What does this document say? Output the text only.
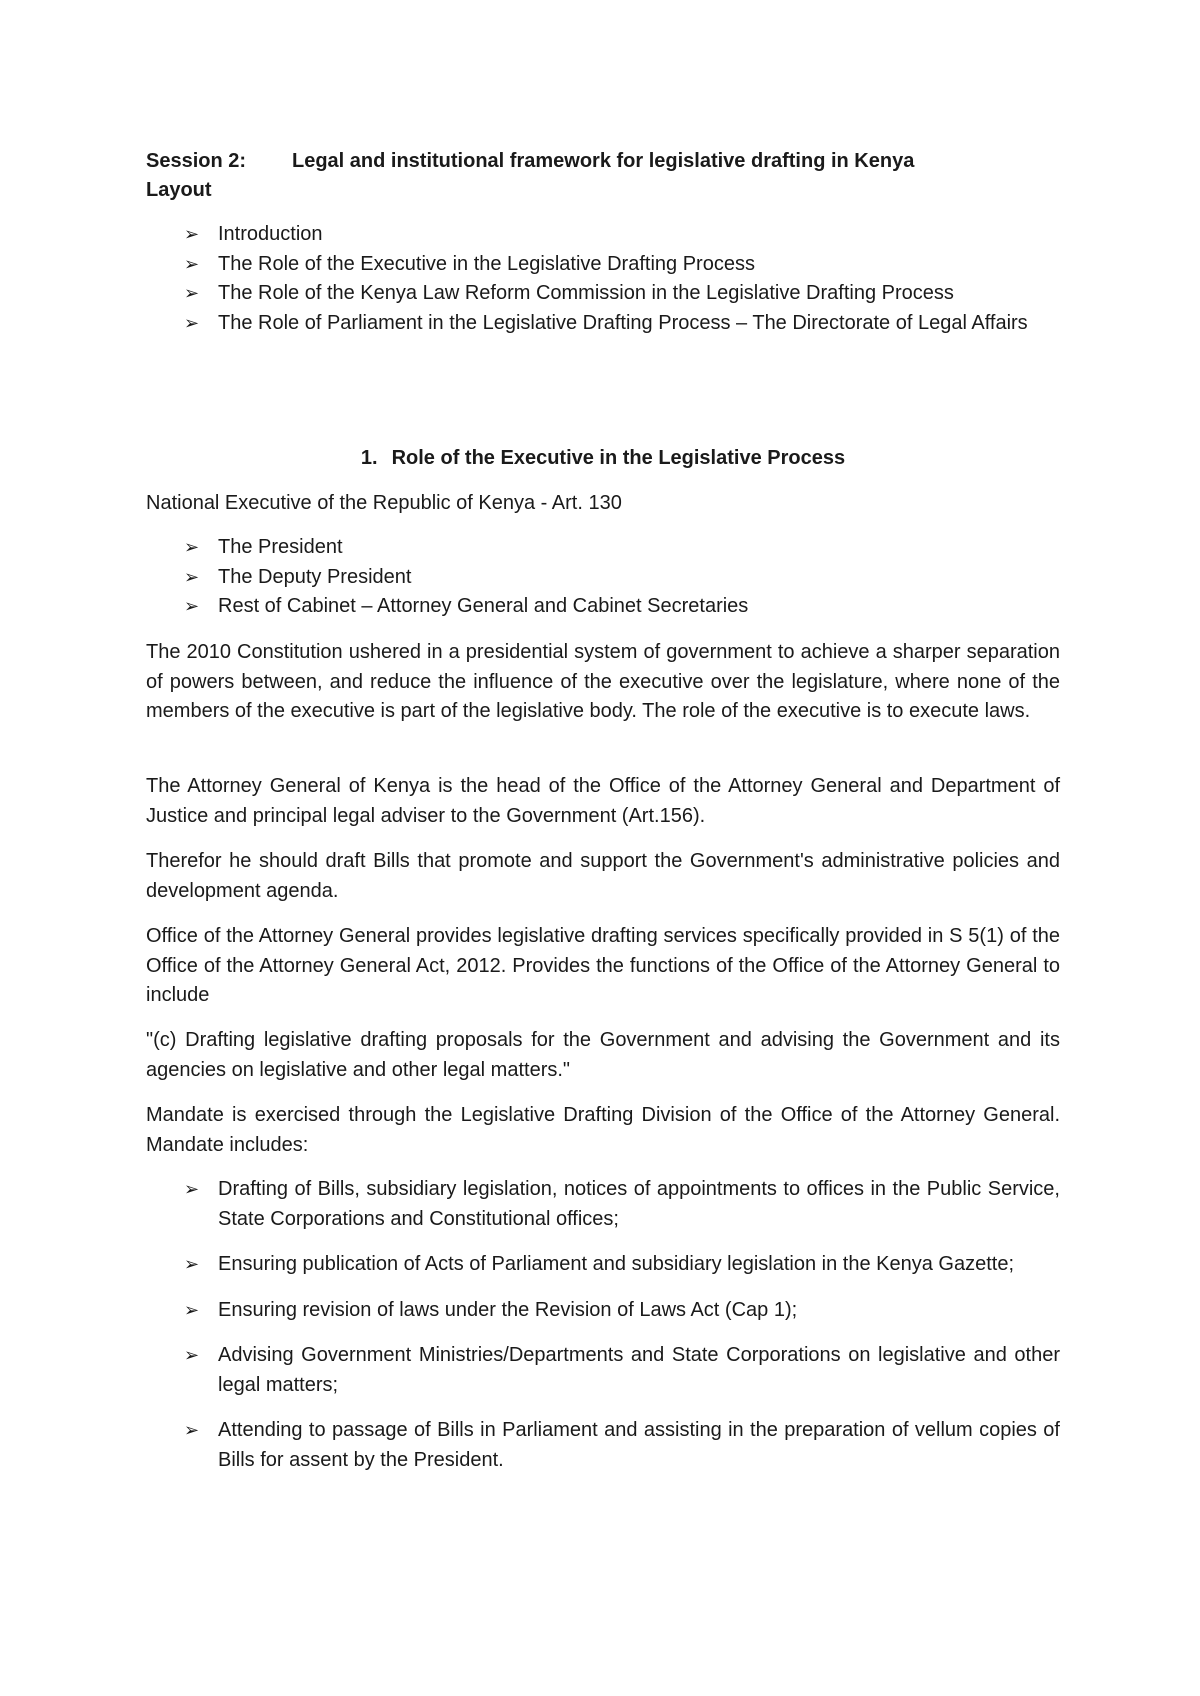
Session 2: Legal and institutional framework for legislative drafting in Kenya
Layout
➢ Introduction
➢ The Role of the Executive in the Legislative Drafting Process
➢ The Role of the Kenya Law Reform Commission in the Legislative Drafting Process
➢ The Role of Parliament in the Legislative Drafting Process – The Directorate of Legal Affairs
1. Role of the Executive in the Legislative Process
National Executive of the Republic of Kenya - Art. 130
➢ The President
➢ The Deputy President
➢ Rest of Cabinet – Attorney General and Cabinet Secretaries
The 2010 Constitution ushered in a presidential system of government to achieve a sharper separation of powers between, and reduce the influence of the executive over the legislature, where none of the members of the executive is part of the legislative body. The role of the executive is to execute laws.
The Attorney General of Kenya is the head of the Office of the Attorney General and Department of Justice and principal legal adviser to the Government (Art.156).
Therefor he should draft Bills that promote and support the Government's administrative policies and development agenda.
Office of the Attorney General provides legislative drafting services specifically provided in S 5(1) of the Office of the Attorney General Act, 2012. Provides the functions of the Office of the Attorney General to include
"(c) Drafting legislative drafting proposals for the Government and advising the Government and its agencies on legislative and other legal matters."
Mandate is exercised through the Legislative Drafting Division of the Office of the Attorney General. Mandate includes:
➢ Drafting of Bills, subsidiary legislation, notices of appointments to offices in the Public Service, State Corporations and Constitutional offices;
➢ Ensuring publication of Acts of Parliament and subsidiary legislation in the Kenya Gazette;
➢ Ensuring revision of laws under the Revision of Laws Act (Cap 1);
➢ Advising Government Ministries/Departments and State Corporations on legislative and other legal matters;
➢ Attending to passage of Bills in Parliament and assisting in the preparation of vellum copies of Bills for assent by the President.
